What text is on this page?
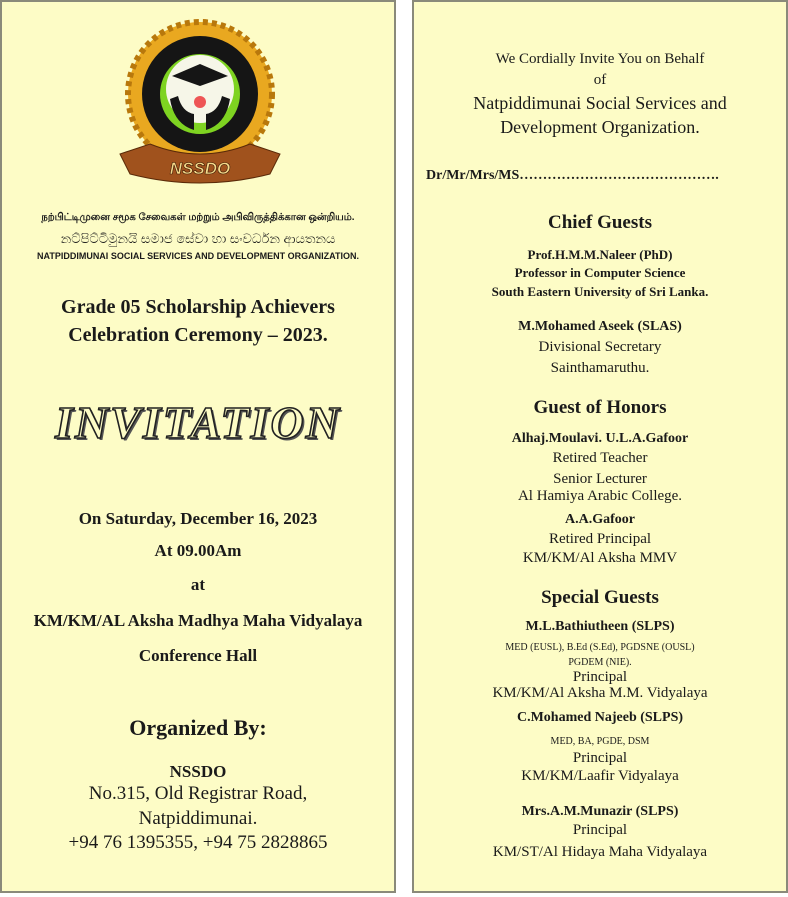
NSSDO
நற்பிட்டிமுனை சமூக சேவைகள் மற்றும் அபிவிருத்திக்கான ஒன்றியம்.
නට්පිට්ටිමුනයි සමාජ සේවා හා සංවර්ධන ආයතනය
NATPIDDIMUNAI SOCIAL SERVICES AND DEVELOPMENT ORGANIZATION.
Grade 05 Scholarship Achievers
Celebration Ceremony – 2023.
INVITATION
On Saturday, December 16, 2023
At 09.00Am
at
KM/KM/AL Aksha Madhya Maha Vidyalaya
Conference Hall
Organized By:
NSSDO
No.315, Old Registrar Road,
Natpiddimunai.
+94 76 1395355, +94 75 2828865
We Cordially Invite You on Behalf
of
Natpiddimunai Social Services and
Development Organization.
Dr/Mr/Mrs/MS…………………………………….
Chief Guests
Prof.H.M.M.Naleer (PhD)
Professor in Computer Science
South Eastern University of Sri Lanka.
M.Mohamed Aseek (SLAS)
Divisional Secretary
Sainthamaruthu.
Guest of Honors
Alhaj.Moulavi. U.L.A.Gafoor
Retired Teacher
Senior Lecturer
Al Hamiya Arabic College.
A.A.Gafoor
Retired Principal
KM/KM/Al Aksha MMV
Special Guests
M.L.Bathiutheen (SLPS)
MED (EUSL), B.Ed (S.Ed), PGDSNE (OUSL)
PGDEM (NIE).
Principal
KM/KM/Al Aksha M.M. Vidyalaya
C.Mohamed Najeeb (SLPS)
MED, BA, PGDE, DSM
Principal
KM/KM/Laafir Vidyalaya
Mrs.A.M.Munazir (SLPS)
Principal
KM/ST/Al Hidaya Maha Vidyalaya
